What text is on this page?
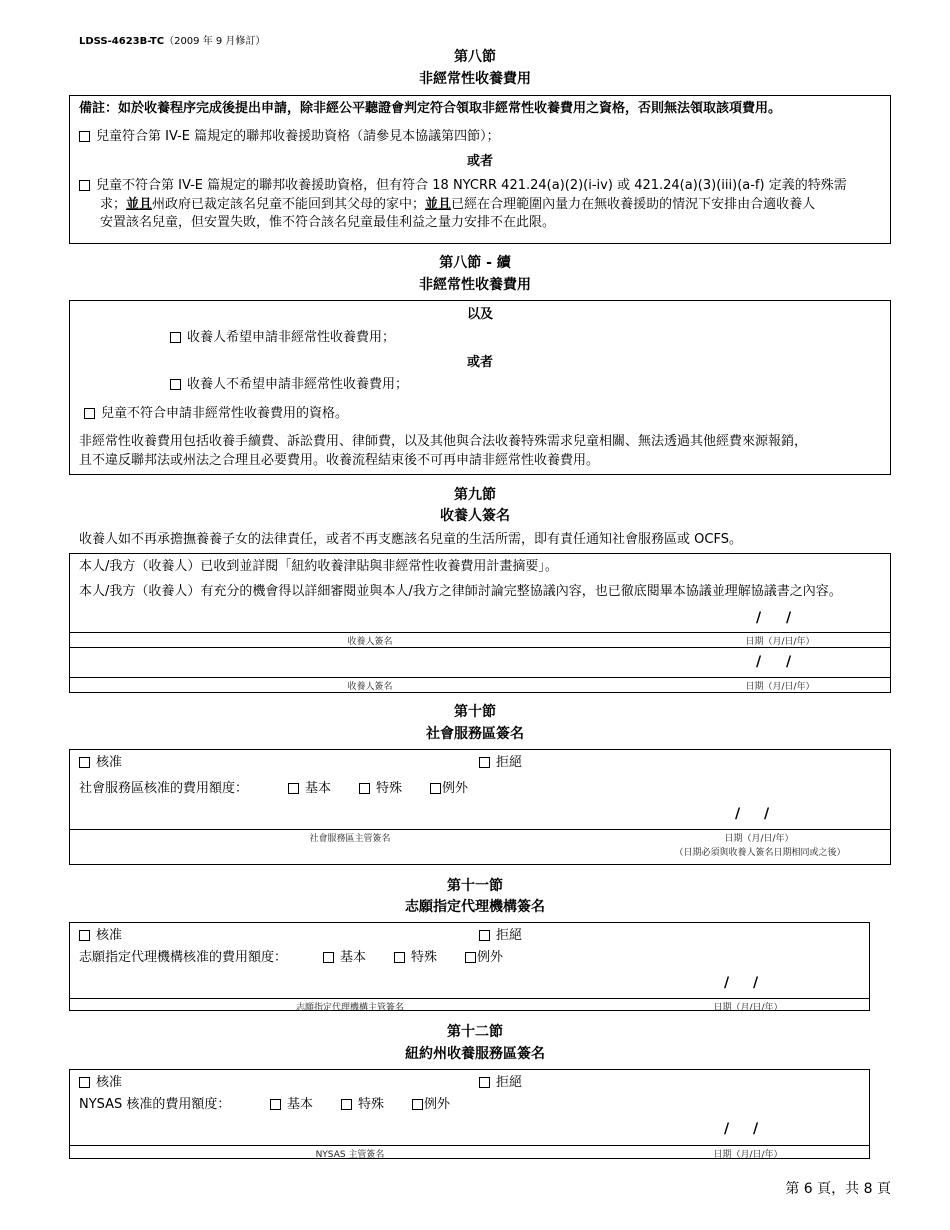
LDSS-4623B-TC（2009 年 9 月修訂）
第八節
非經常性收養費用
備註：如於收養程序完成後提出申請，除非經公平聽證會判定符合領取非經常性收養費用之資格，否則無法領取該項費用。
兒童符合第 IV-E 篇規定的聯邦收養援助資格（請參見本協議第四節）；
或者
兒童不符合第 IV-E 篇規定的聯邦收養援助資格，但有符合 18 NYCRR 421.24(a)(2)(i-iv) 或 421.24(a)(3)(iii)(a-f) 定義的特殊需
求；並且州政府已裁定該名兒童不能回到其父母的家中；並且已經在合理範圍內量力在無收養援助的情況下安排由合適收養人
安置該名兒童，但安置失敗，惟不符合該名兒童最佳利益之量力安排不在此限。
第八節 - 續
非經常性收養費用
以及
收養人希望申請非經常性收養費用；
或者
收養人不希望申請非經常性收養費用；
兒童不符合申請非經常性收養費用的資格。
非經常性收養費用包括收養手續費、訴訟費用、律師費，以及其他與合法收養特殊需求兒童相關、無法透過其他經費來源報銷，
且不違反聯邦法或州法之合理且必要費用。收養流程結束後不可再申請非經常性收養費用。
第九節
收養人簽名
收養人如不再承擔撫養養子女的法律責任，或者不再支應該名兒童的生活所需，即有責任通知社會服務區或 OCFS。
本人/我方（收養人）已收到並詳閱「紐約收養津貼與非經常性收養費用計畫摘要」。
本人/我方（收養人）有充分的機會得以詳細審閱並與本人/我方之律師討論完整協議內容，也已徹底閱畢本協議並理解協議書之內容。
/ /
收養人簽名	日期（月/日/年）
/ /
收養人簽名	日期（月/日/年）
第十節
社會服務區簽名
核准	拒絕
社會服務區核准的費用額度：	基本	特殊	例外
/ /
社會服務區主管簽名	日期（月/日/年）
（日期必須與收養人簽名日期相同或之後）
第十一節
志願指定代理機構簽名
核准	拒絕
志願指定代理機構核准的費用額度：	基本	特殊	例外
/ /
志願指定代理機構主管簽名	日期（月/日/年）
第十二節
紐約州收養服務區簽名
核准	拒絕
NYSAS 核准的費用額度：	基本	特殊	例外
/ /
NYSAS 主管簽名	日期（月/日/年）
第 6 頁，共 8 頁
